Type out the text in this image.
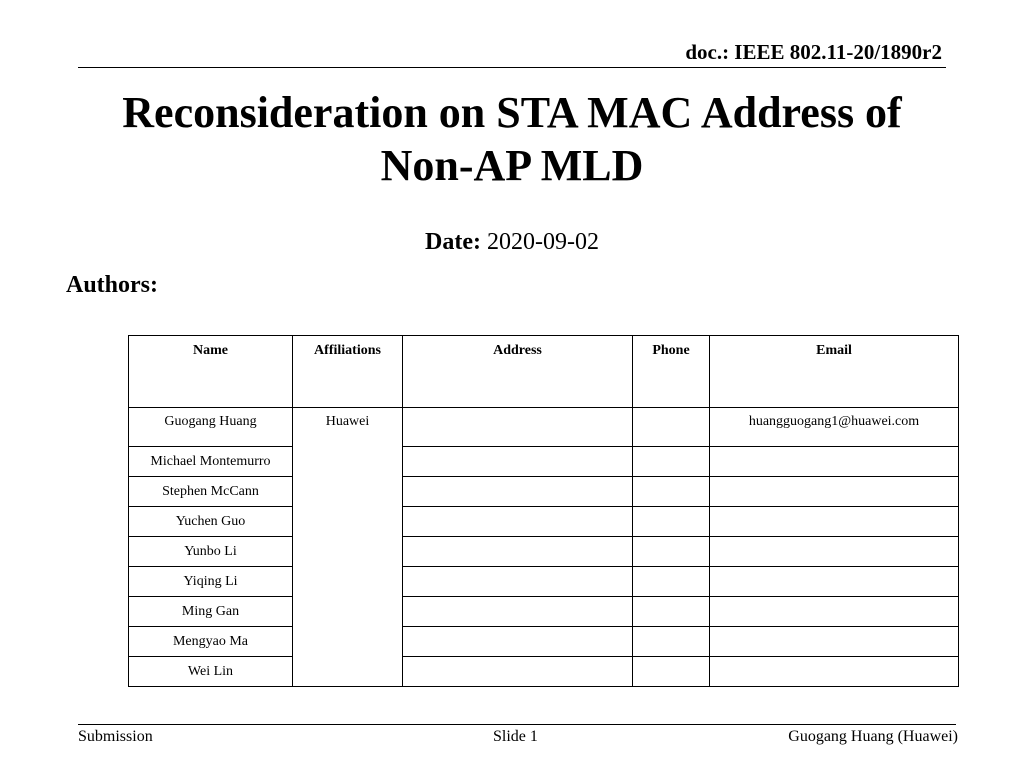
doc.: IEEE 802.11-20/1890r2
Reconsideration on STA MAC Address of
Non-AP MLD
Date: 2020-09-02
Authors:
Name	Affiliations	Address	Phone	Email
Guogang Huang	Huawei			huangguogang1@huawei.com
Michael Montemurro				
Stephen McCann				
Yuchen Guo				
Yunbo Li				
Yiqing Li				
Ming Gan				
Mengyao Ma				
Wei Lin				
Submission	Slide 1	Guogang Huang (Huawei)
